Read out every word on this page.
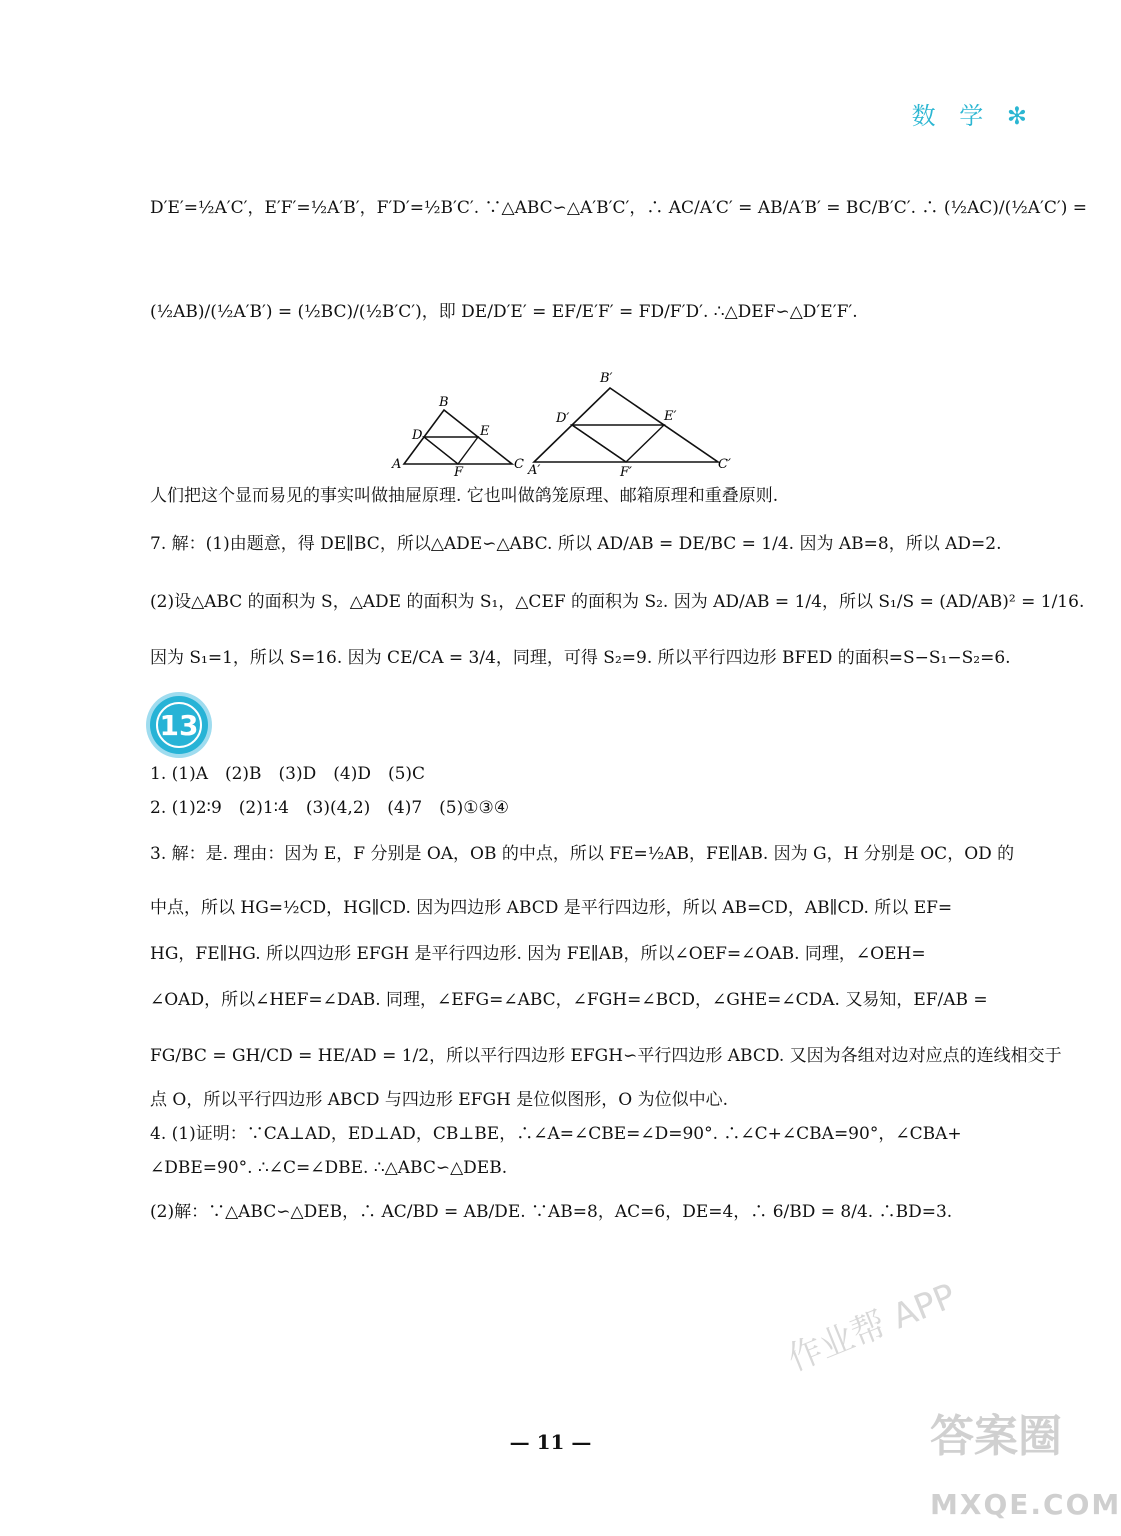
数 学 ✻
D′E′=½A′C′，E′F′=½A′B′，F′D′=½B′C′. ∵△ABC∽△A′B′C′，∴ AC/A′C′ = AB/A′B′ = BC/B′C′. ∴ (½AC)/(½A′C′) =
(½AB)/(½A′B′) = (½BC)/(½B′C′)，即 DE/D′E′ = EF/E′F′ = FD/F′D′. ∴△DEF∽△D′E′F′.
A
B
C
D	E
F	A′
B′
C′
D′	E′
F′
人们把这个显而易见的事实叫做抽屉原理. 它也叫做鸽笼原理、邮箱原理和重叠原则.
7. 解：(1)由题意，得 DE∥BC，所以△ADE∽△ABC. 所以 AD/AB = DE/BC = 1/4. 因为 AB=8，所以 AD=2.
(2)设△ABC 的面积为 S，△ADE 的面积为 S₁，△CEF 的面积为 S₂. 因为 AD/AB = 1/4，所以 S₁/S = (AD/AB)² = 1/16.
因为 S₁=1，所以 S=16. 因为 CE/CA = 3/4，同理，可得 S₂=9. 所以平行四边形 BFED 的面积=S−S₁−S₂=6.
13
1. (1)A　(2)B　(3)D　(4)D　(5)C
2. (1)2∶9　(2)1∶4　(3)(4,2)　(4)7　(5)①③④
3. 解：是. 理由：因为 E，F 分别是 OA，OB 的中点，所以 FE=½AB，FE∥AB. 因为 G，H 分别是 OC，OD 的
中点，所以 HG=½CD，HG∥CD. 因为四边形 ABCD 是平行四边形，所以 AB=CD，AB∥CD. 所以 EF=
HG，FE∥HG. 所以四边形 EFGH 是平行四边形. 因为 FE∥AB，所以∠OEF=∠OAB. 同理，∠OEH=
∠OAD，所以∠HEF=∠DAB. 同理，∠EFG=∠ABC，∠FGH=∠BCD，∠GHE=∠CDA. 又易知，EF/AB =
FG/BC = GH/CD = HE/AD = 1/2，所以平行四边形 EFGH∽平行四边形 ABCD. 又因为各组对边对应点的连线相交于
点 O，所以平行四边形 ABCD 与四边形 EFGH 是位似图形，O 为位似中心.
4. (1)证明：∵CA⊥AD，ED⊥AD，CB⊥BE，∴∠A=∠CBE=∠D=90°. ∴∠C+∠CBA=90°，∠CBA+
∠DBE=90°. ∴∠C=∠DBE. ∴△ABC∽△DEB.
(2)解：∵△ABC∽△DEB，∴ AC/BD = AB/DE. ∵AB=8，AC=6，DE=4，∴ 6/BD = 8/4. ∴BD=3.
作业帮 APP
— 11 —	答案圈
MXQE.COM
